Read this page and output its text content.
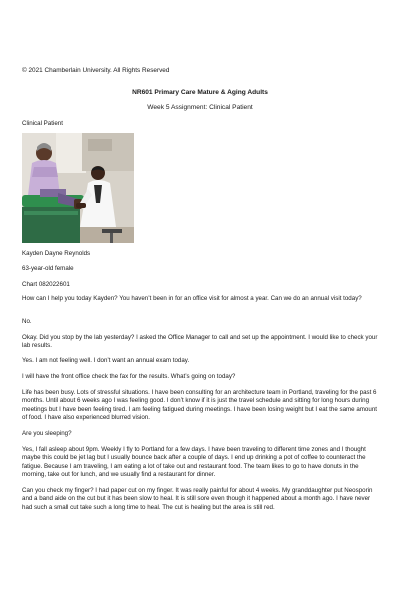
© 2021 Chamberlain University. All Rights Reserved
NR601 Primary Care Mature & Aging Adults
Week 5 Assignment: Clinical Patient
Clinical Patient
Kayden Dayne Reynolds
63-year-old female
Chart 082022601
How can I help you today Kayden? You haven’t been in for an office visit for almost a year. Can we do an annual visit today?
No.
Okay. Did you stop by the lab yesterday? I asked the Office Manager to call and set up the appointment. I would like to check your lab results.
Yes. I am not feeling well. I don’t want an annual exam today.
I will have the front office check the fax for the results. What’s going on today?
Life has been busy. Lots of stressful situations. I have been consulting for an architecture team in Portland, traveling for the past 6 months. Until about 6 weeks ago I was feeling good. I don’t know if it is just the travel schedule and sitting for long hours during meetings but I have been feeling tired. I am feeling fatigued during meetings. I have been losing weight but I eat the same amount of food. I have also experienced blurred vision.
Are you sleeping?
Yes, I fall asleep about 9pm. Weekly I fly to Portland for a few days. I have been traveling to different time zones and I thought maybe this could be jet lag but I usually bounce back after a couple of days. I end up drinking a pot of coffee to counteract the fatigue. Because I am traveling, I am eating a lot of take out and restaurant food. The team likes to go to have donuts in the morning, take out for lunch, and we usually find a restaurant for dinner.
Can you check my finger? I had paper cut on my finger. It was really painful for about 4 weeks. My granddaughter put Neosporin and a band aide on the cut but it has been slow to heal. It is still sore even though it happened about a month ago. I have never had such a small cut take such a long time to heal. The cut is healing but the area is still red.
